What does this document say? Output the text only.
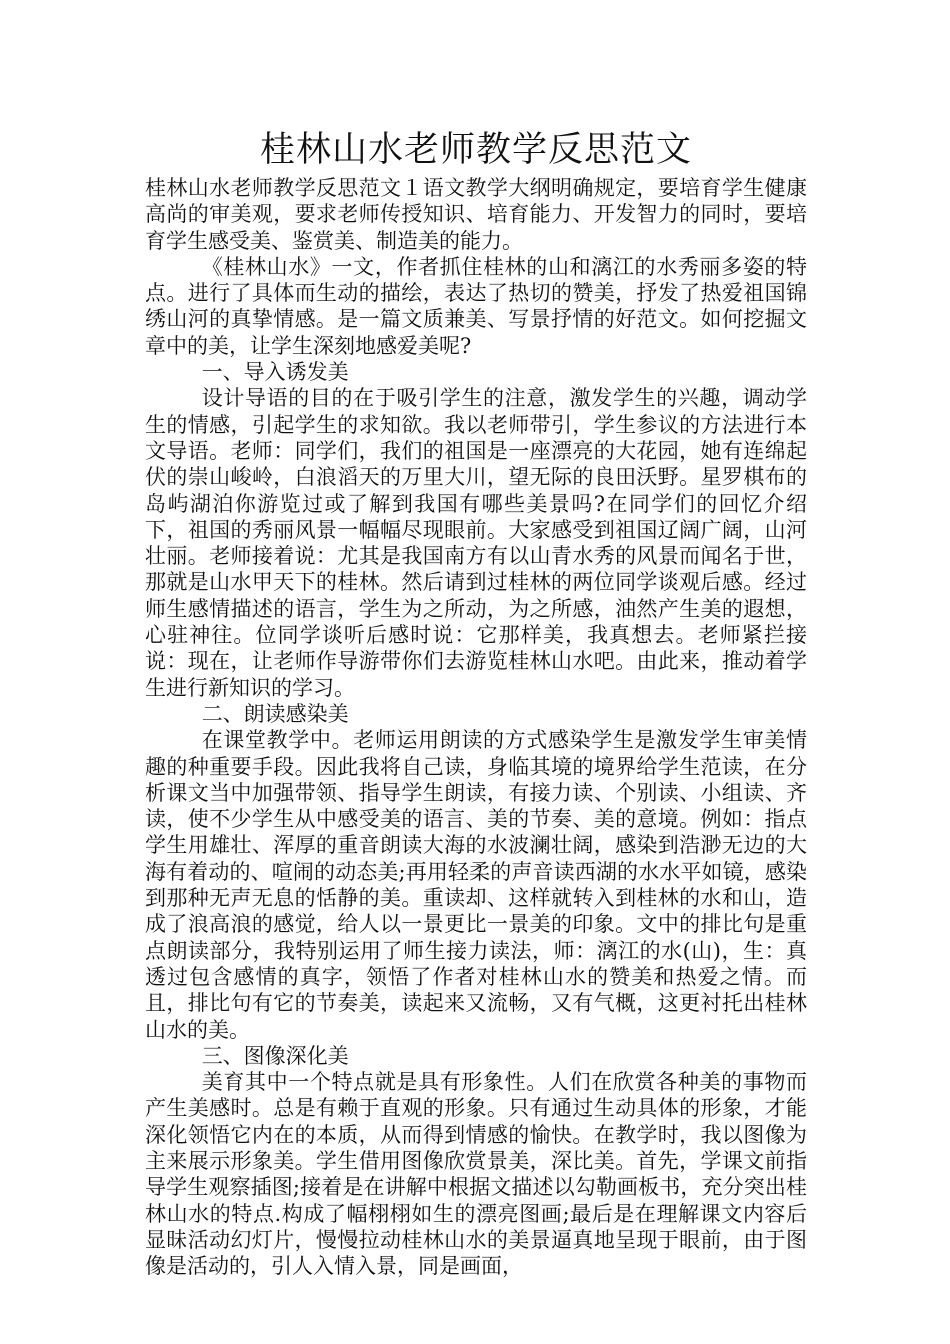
桂林山水老师教学反思范文

桂林山水老师教学反思范文１语文教学大纲明确规定，要培育学生健康高尚的审美观，要求老师传授知识、培育能力、开发智力的同时，要培育学生感受美、鉴赏美、制造美的能力。

《桂林山水》一文，作者抓住桂林的山和漓江的水秀丽多姿的特点。进行了具体而生动的描绘，表达了热切的赞美，抒发了热爱祖国锦绣山河的真挚情感。是一篇文质兼美、写景抒情的好范文。如何挖掘文章中的美，让学生深刻地感爱美呢?

一、导入诱发美

设计导语的目的在于吸引学生的注意，激发学生的兴趣，调动学生的情感，引起学生的求知欲。我以老师带引，学生参议的方法进行本文导语。老师：同学们，我们的祖国是一座漂亮的大花园，她有连绵起伏的崇山峻岭，白浪滔天的万里大川，望无际的良田沃野。星罗棋布的岛屿湖泊你游览过或了解到我国有哪些美景吗?在同学们的回忆介绍下，祖国的秀丽风景一幅幅尽现眼前。大家感受到祖国辽阔广阔，山河壮丽。老师接着说：尤其是我国南方有以山青水秀的风景而闻名于世，那就是山水甲天下的桂林。然后请到过桂林的两位同学谈观后感。经过师生感情描述的语言，学生为之所动，为之所感，油然产生美的遐想，心驻神往。位同学谈听后感时说：它那样美，我真想去。老师紧拦接说：现在，让老师作导游带你们去游览桂林山水吧。由此来，推动着学生进行新知识的学习。

二、朗读感染美

在课堂教学中。老师运用朗读的方式感染学生是激发学生审美情趣的种重要手段。因此我将自己读，身临其境的境界给学生范读，在分析课文当中加强带领、指导学生朗读，有接力读、个别读、小组读、齐读，使不少学生从中感受美的语言、美的节奏、美的意境。例如：指点学生用雄壮、浑厚的重音朗读大海的水波澜壮阔，感染到浩渺无边的大海有着动的、喧闹的动态美;再用轻柔的声音读西湖的水水平如镜，感染到那种无声无息的恬静的美。重读却、这样就转入到桂林的水和山，造成了浪高浪的感觉，给人以一景更比一景美的印象。文中的排比句是重点朗读部分，我特别运用了师生接力读法，师：漓江的水(山)，生：真透过包含感情的真字，领悟了作者对桂林山水的赞美和热爱之情。而且，排比句有它的节奏美，读起来又流畅，又有气概，这更衬托出桂林山水的美。

三、图像深化美

美育其中一个特点就是具有形象性。人们在欣赏各种美的事物而产生美感时。总是有赖于直观的形象。只有通过生动具体的形象，才能深化领悟它内在的本质，从而得到情感的愉快。在教学时，我以图像为主来展示形象美。学生借用图像欣赏景美，深比美。首先，学课文前指导学生观察插图;接着是在讲解中根据文描述以勾勒画板书，充分突出桂林山水的特点.构成了幅栩栩如生的漂亮图画;最后是在理解课文内容后显昧活动幻灯片，慢慢拉动桂林山水的美景逼真地呈现于眼前，由于图像是活动的，引人入情入景，同是画面，
